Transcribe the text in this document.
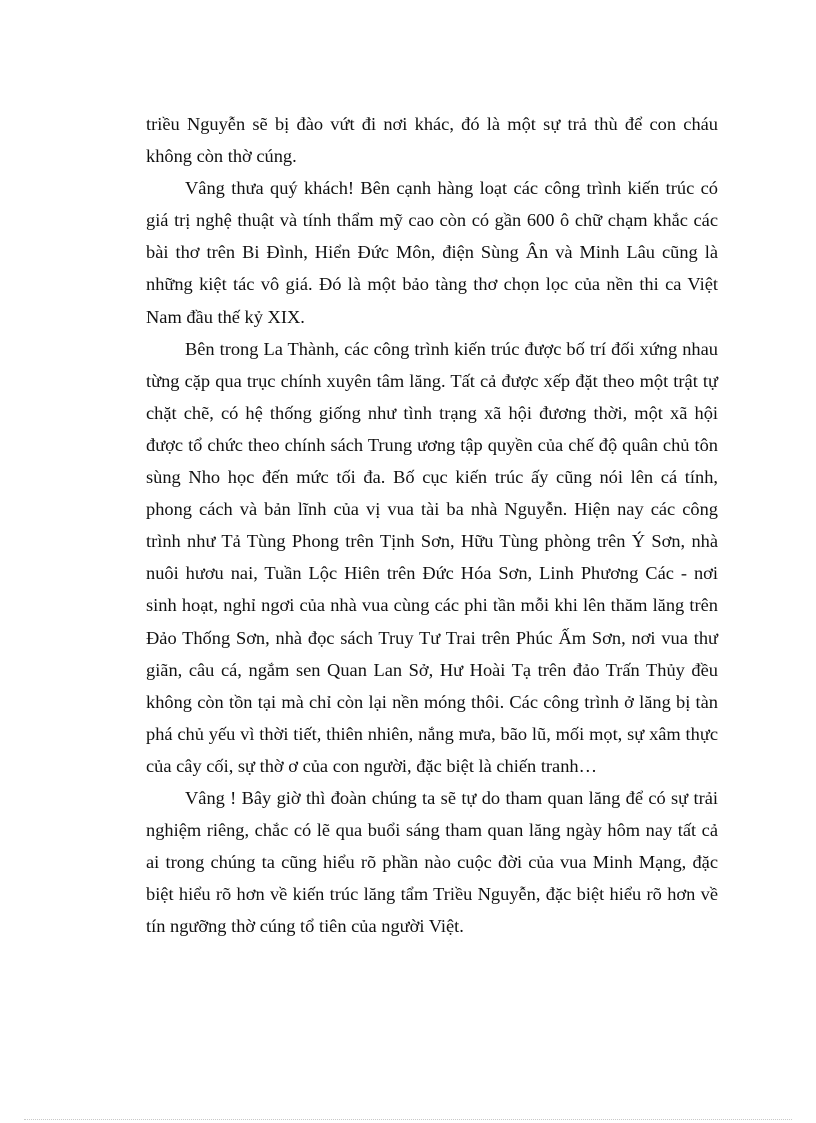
triều Nguyễn sẽ bị đào vứt đi nơi khác, đó là một sự trả thù để con cháu không còn thờ cúng.

Vâng thưa quý khách! Bên cạnh hàng loạt các công trình kiến trúc có giá trị nghệ thuật và tính thẩm mỹ cao còn có gần 600 ô chữ chạm khắc các bài thơ trên Bi Đình, Hiển Đức Môn, điện Sùng Ân và Minh Lâu cũng là những kiệt tác vô giá. Đó là một bảo tàng thơ chọn lọc của nền thi ca Việt Nam đầu thế kỷ XIX.

Bên trong La Thành, các công trình kiến trúc được bố trí đối xứng nhau từng cặp qua trục chính xuyên tâm lăng. Tất cả được xếp đặt theo một trật tự chặt chẽ, có hệ thống giống như tình trạng xã hội đương thời, một xã hội được tổ chức theo chính sách Trung ương tập quyền của chế độ quân chủ tôn sùng Nho học đến mức tối đa. Bố cục kiến trúc ấy cũng nói lên cá tính, phong cách và bản lĩnh của vị vua tài ba nhà Nguyễn. Hiện nay các công trình như Tả Tùng Phong trên Tịnh Sơn, Hữu Tùng phòng trên Ý Sơn, nhà nuôi hươu nai, Tuần Lộc Hiên trên Đức Hóa Sơn, Linh Phương Các - nơi sinh hoạt, nghỉ ngơi của nhà vua cùng các phi tần mỗi khi lên thăm lăng trên Đảo Thống Sơn, nhà đọc sách Truy Tư Trai trên Phúc Ấm Sơn, nơi vua thư giãn, câu cá, ngắm sen Quan Lan Sở, Hư Hoài Tạ trên đảo Trấn Thủy đều không còn tồn tại mà chỉ còn lại nền móng thôi. Các công trình ở lăng bị tàn phá chủ yếu vì thời tiết, thiên nhiên, nắng mưa, bão lũ, mối mọt, sự xâm thực của cây cối, sự thờ ơ của con người, đặc biệt là chiến tranh…

Vâng ! Bây giờ thì đoàn chúng ta sẽ tự do tham quan lăng để có sự trải nghiệm riêng, chắc có lẽ qua buổi sáng tham quan lăng ngày hôm nay tất cả ai trong chúng ta cũng hiểu rõ phần nào cuộc đời của vua Minh Mạng, đặc biệt hiểu rõ hơn về kiến trúc lăng tẩm Triều Nguyễn, đặc biệt hiểu rõ hơn về tín ngưỡng thờ cúng tổ tiên của người Việt.
